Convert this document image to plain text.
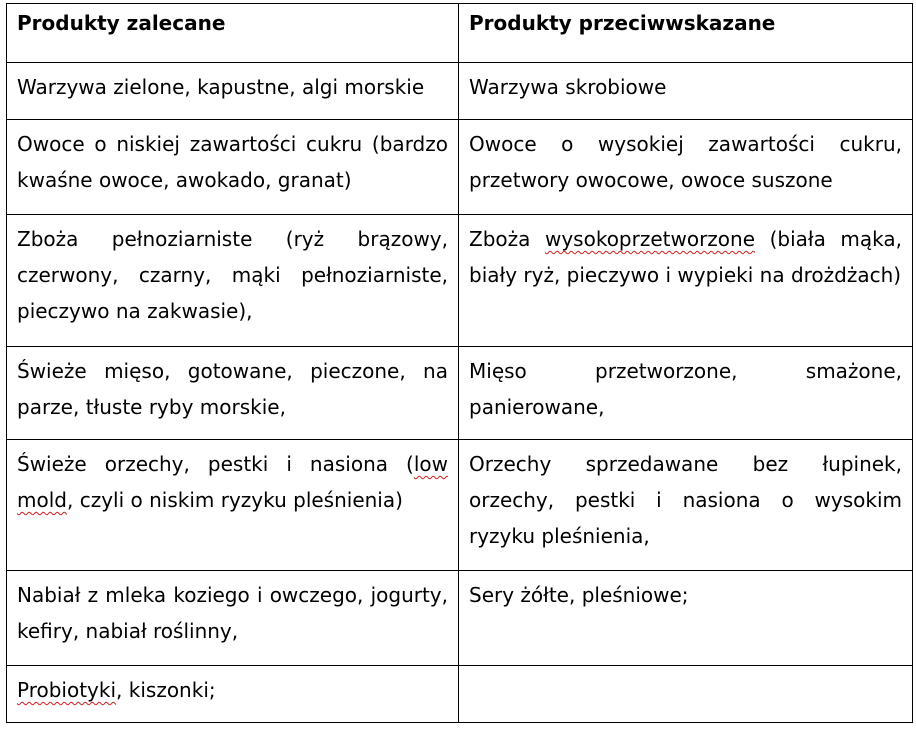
Produkty zalecane	Produkty przeciwwskazane
Warzywa zielone, kapustne, algi morskie	Warzywa skrobiowe
Owoce o niskiej zawartości cukru (bardzo kwaśne owoce, awokado, granat)	Owoce o wysokiej zawartości cukru, przetwory owocowe, owoce suszone
Zboża pełnoziarniste (ryż brązowy, czerwony, czarny, mąki pełnoziarniste, pieczywo na zakwasie),	Zboża wysokoprzetworzone (biała mąka, biały ryż, pieczywo i wypieki na drożdżach)
Świeże mięso, gotowane, pieczone, na parze, tłuste ryby morskie,	Mięso przetworzone, smażone, panierowane,
Świeże orzechy, pestki i nasiona (low mold, czyli o niskim ryzyku pleśnienia)	Orzechy sprzedawane bez łupinek, orzechy, pestki i nasiona o wysokim ryzyku pleśnienia,
Nabiał z mleka koziego i owczego, jogurty, kefiry, nabiał roślinny,	Sery żółte, pleśniowe;
Probiotyki, kiszonki;	
